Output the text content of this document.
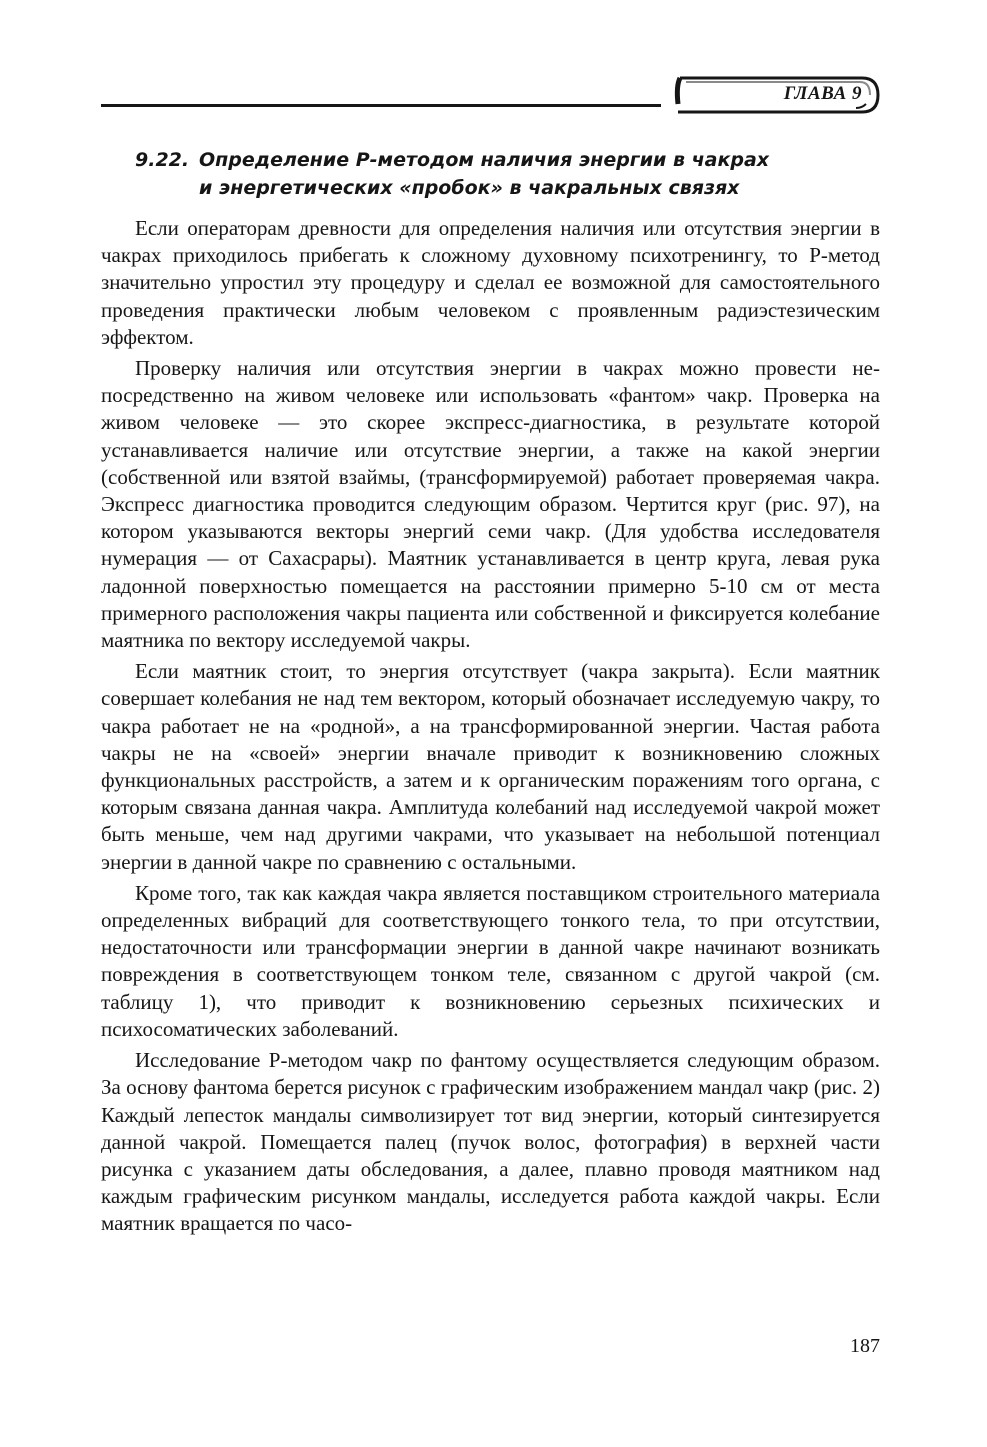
ГЛАВА 9
9.22. Определение Р-методом наличия энергии в чакрах
и энергетических «пробок» в чакральных связях

Если операторам древности для определения наличия или отсутствия энергии в чакрах приходилось прибегать к сложному духовному психотренингу, то Р-метод значительно упростил эту процедуру и сделал ее возможной для самостоятельного проведения практически любым человеком с проявленным радиэстезическим эффектом.

Проверку наличия или отсутствия энергии в чакрах можно провести непосредственно на живом человеке или использовать «фантом» чакр. Проверка на живом человеке — это скорее экспресс-диагностика, в результате которой устанавливается наличие или отсутствие энергии, а также на какой энергии (собственной или взятой взаймы, (трансформируемой) работает проверяемая чакра. Экспресс диагностика проводится следующим образом. Чертится круг (рис. 97), на котором указываются векторы энергий семи чакр. (Для удобства исследователя нумерация — от Сахасрары). Маятник устанавливается в центр круга, левая рука ладонной поверхностью помещается на расстоянии примерно 5-10 см от места примерного расположения чакры пациента или собственной и фиксируется колебание маятника по вектору исследуемой чакры.

Если маятник стоит, то энергия отсутствует (чакра закрыта). Если маятник совершает колебания не над тем вектором, который обозначает исследуемую чакру, то чакра работает не на «родной», а на трансформированной энергии. Частая работа чакры не на «своей» энергии вначале приводит к возникновению сложных функциональных расстройств, а затем и к органическим поражениям того органа, с которым связана данная чакра. Амплитуда колебаний над исследуемой чакрой может быть меньше, чем над другими чакрами, что указывает на небольшой потенциал энергии в данной чакре по сравнению с остальными.

Кроме того, так как каждая чакра является поставщиком строительного материала определенных вибраций для соответствующего тонкого тела, то при отсутствии, недостаточности или трансформации энергии в данной чакре начинают возникать повреждения в соответствующем тонком теле, связанном с другой чакрой (см. таблицу 1), что приводит к возникновению серьезных психических и психосоматических заболеваний.

Исследование Р-методом чакр по фантому осуществляется следующим образом. За основу фантома берется рисунок с графическим изображением мандал чакр (рис. 2) Каждый лепесток мандалы символизирует тот вид энергии, который синтезируется данной чакрой. Помещается палец (пучок волос, фотография) в верхней части рисунка с указанием даты обследования, а далее, плавно проводя маятником над каждым графическим рисунком мандалы, исследуется работа каждой чакры. Если маятник вращается по часо-

187
